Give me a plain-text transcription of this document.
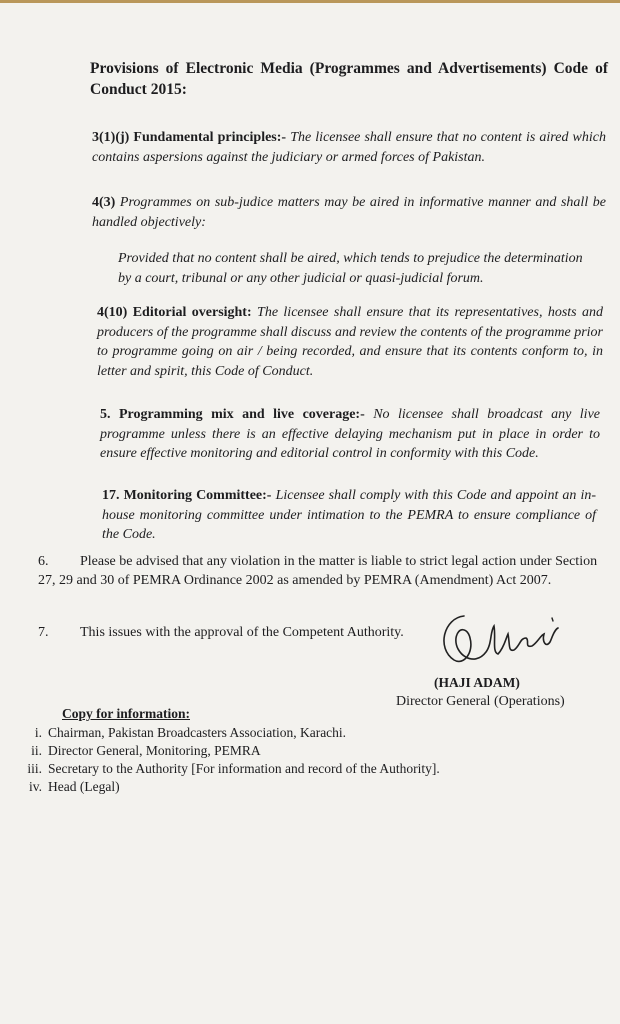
Provisions of Electronic Media (Programmes and Advertisements) Code of Conduct 2015:
3(1)(j) Fundamental principles:- The licensee shall ensure that no content is aired which contains aspersions against the judiciary or armed forces of Pakistan.
4(3) Programmes on sub-judice matters may be aired in informative manner and shall be handled objectively:
Provided that no content shall be aired, which tends to prejudice the determination by a court, tribunal or any other judicial or quasi-judicial forum.
4(10) Editorial oversight: The licensee shall ensure that its representatives, hosts and producers of the programme shall discuss and review the contents of the programme prior to programme going on air / being recorded, and ensure that its contents conform to, in letter and spirit, this Code of Conduct.
5. Programming mix and live coverage:- No licensee shall broadcast any live programme unless there is an effective delaying mechanism put in place in order to ensure effective monitoring and editorial control in conformity with this Code.
17. Monitoring Committee:- Licensee shall comply with this Code and appoint an in-house monitoring committee under intimation to the PEMRA to ensure compliance of the Code.
6. Please be advised that any violation in the matter is liable to strict legal action under Section 27, 29 and 30 of PEMRA Ordinance 2002 as amended by PEMRA (Amendment) Act 2007.
7. This issues with the approval of the Competent Authority.
(HAJI ADAM)
Director General (Operations)
Copy for information:
i. Chairman, Pakistan Broadcasters Association, Karachi.
ii. Director General, Monitoring, PEMRA
iii. Secretary to the Authority [For information and record of the Authority].
iv. Head (Legal)
